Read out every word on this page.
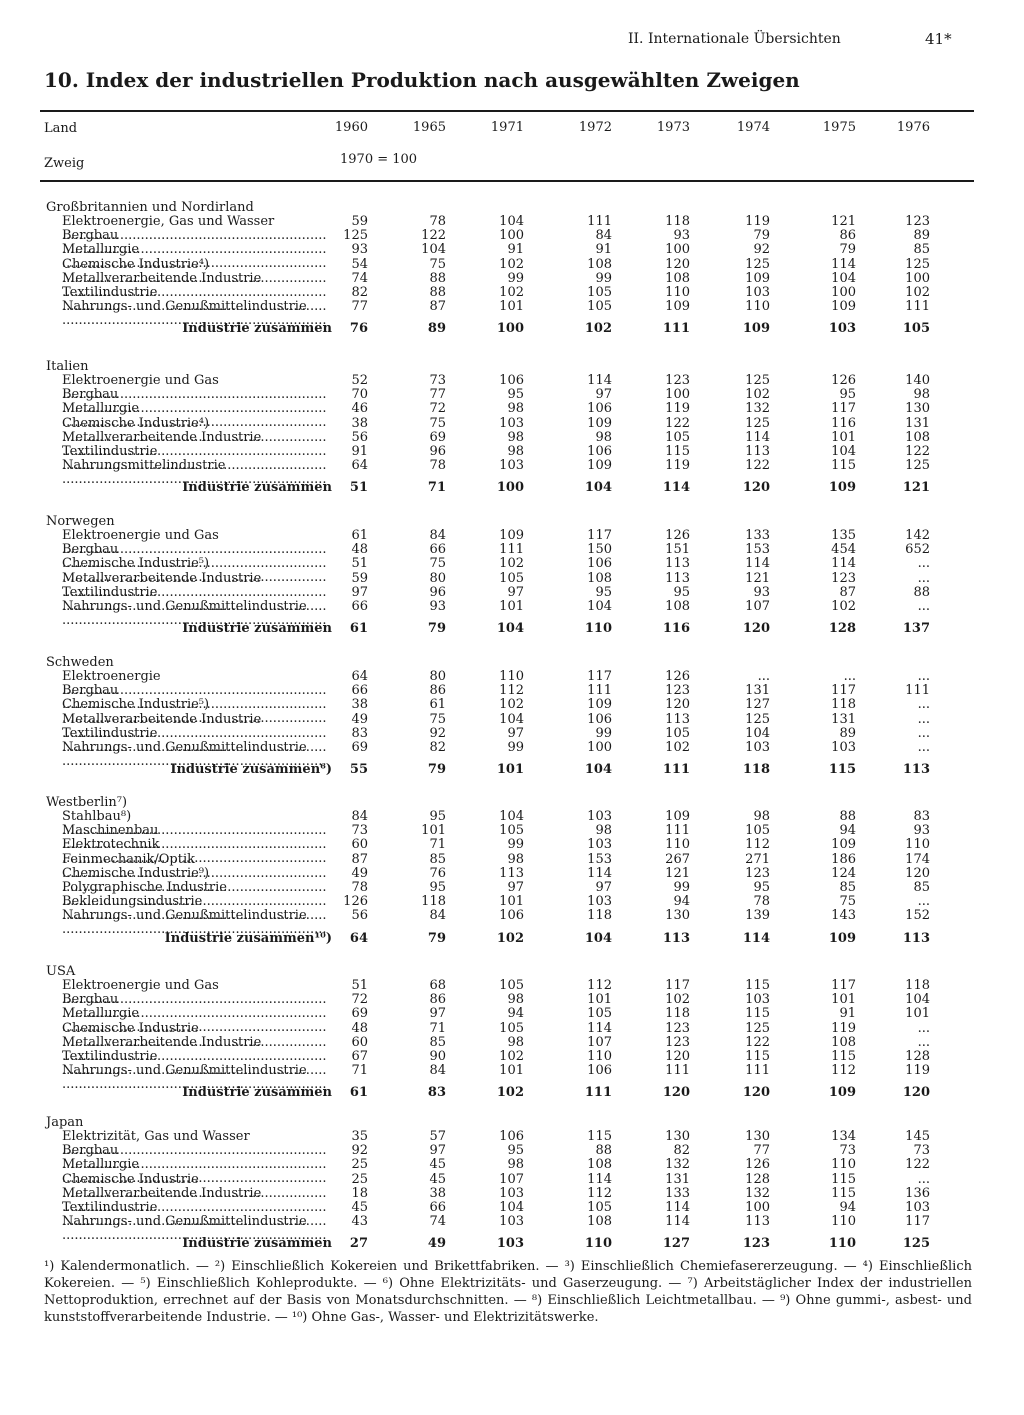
II. Internationale Übersichten	41*
10. Index der industriellen Produktion nach ausgewählten Zweigen
Land
Zweig	1970 = 100
1960	1965	1971	1972	1973	1974	1975	1976
Großbritannien und Nordirland
Elektroenergie, Gas und Wasser .....	59	78	104	111	118	119	121	123
Bergbau .....	125	122	100	84	93	79	86	89
Metallurgie .....	93	104	91	91	100	92	79	85
Chemische Industrie⁴) .....	54	75	102	108	120	125	114	125
Metallverarbeitende Industrie .....	74	88	99	99	108	109	104	100
Textilindustrie .....	82	88	102	105	110	103	100	102
Nahrungs- und Genußmittelindustrie .....	77	87	101	105	109	110	109	111
Industrie zusammen	76	89	100	102	111	109	103	105
Italien
Elektroenergie und Gas .....	52	73	106	114	123	125	126	140
Bergbau .....	70	77	95	97	100	102	95	98
Metallurgie .....	46	72	98	106	119	132	117	130
Chemische Industrie⁴) .....	38	75	103	109	122	125	116	131
Metallverarbeitende Industrie .....	56	69	98	98	105	114	101	108
Textilindustrie .....	91	96	98	106	115	113	104	122
Nahrungsmittelindustrie .....	64	78	103	109	119	122	115	125
Industrie zusammen	51	71	100	104	114	120	109	121
Norwegen
Elektroenergie und Gas .....	61	84	109	117	126	133	135	142
Bergbau .....	48	66	111	150	151	153	454	652
Chemische Industrie⁵) .....	51	75	102	106	113	114	114	...
Metallverarbeitende Industrie .....	59	80	105	108	113	121	123	...
Textilindustrie .....	97	96	97	95	95	93	87	88
Nahrungs- und Genußmittelindustrie .....	66	93	101	104	108	107	102	...
Industrie zusammen	61	79	104	110	116	120	128	137
Schweden
Elektroenergie .....	64	80	110	117	126	...	...	...
Bergbau .....	66	86	112	111	123	131	117	111
Chemische Industrie⁵) .....	38	61	102	109	120	127	118	...
Metallverarbeitende Industrie .....	49	75	104	106	113	125	131	...
Textilindustrie .....	83	92	97	99	105	104	89	...
Nahrungs- und Genußmittelindustrie .....	69	82	99	100	102	103	103	...
Industrie zusammen⁶)	55	79	101	104	111	118	115	113
Westberlin⁷)
Stahlbau⁸) .....	84	95	104	103	109	98	88	83
Maschinenbau .....	73	101	105	98	111	105	94	93
Elektrotechnik .....	60	71	99	103	110	112	109	110
Feinmechanik/Optik .....	87	85	98	153	267	271	186	174
Chemische Industrie⁹) .....	49	76	113	114	121	123	124	120
Polygraphische Industrie .....	78	95	97	97	99	95	85	85
Bekleidungsindustrie .....	126	118	101	103	94	78	75	...
Nahrungs- und Genußmittelindustrie .....	56	84	106	118	130	139	143	152
Industrie zusammen¹⁰)	64	79	102	104	113	114	109	113
USA
Elektroenergie und Gas .....	51	68	105	112	117	115	117	118
Bergbau .....	72	86	98	101	102	103	101	104
Metallurgie .....	69	97	94	105	118	115	91	101
Chemische Industrie .....	48	71	105	114	123	125	119	...
Metallverarbeitende Industrie .....	60	85	98	107	123	122	108	...
Textilindustrie .....	67	90	102	110	120	115	115	128
Nahrungs- und Genußmittelindustrie .....	71	84	101	106	111	111	112	119
Industrie zusammen	61	83	102	111	120	120	109	120
Japan
Elektrizität, Gas und Wasser .....	35	57	106	115	130	130	134	145
Bergbau .....	92	97	95	88	82	77	73	73
Metallurgie .....	25	45	98	108	132	126	110	122
Chemische Industrie .....	25	45	107	114	131	128	115	...
Metallverarbeitende Industrie .....	18	38	103	112	133	132	115	136
Textilindustrie .....	45	66	104	105	114	100	94	103
Nahrungs- und Genußmittelindustrie .....	43	74	103	108	114	113	110	117
Industrie zusammen	27	49	103	110	127	123	110	125
¹) Kalendermonatlich. — ²) Einschließlich Kokereien und Brikettfabriken. — ³) Einschließlich Chemiefasererzeugung. — ⁴) Einschließlich Kokereien. — ⁵) Einschließlich Kohleprodukte. — ⁶) Ohne Elektrizitäts- und Gaserzeugung. — ⁷) Arbeitstäglicher Index der industriellen Nettoproduktion, errechnet auf der Basis von Monatsdurchschnitten. — ⁸) Einschließlich Leichtmetallbau. — ⁹) Ohne gummi-, asbest- und kunststoffverarbeitende Industrie. — ¹⁰) Ohne Gas-, Wasser- und Elektrizitätswerke.
